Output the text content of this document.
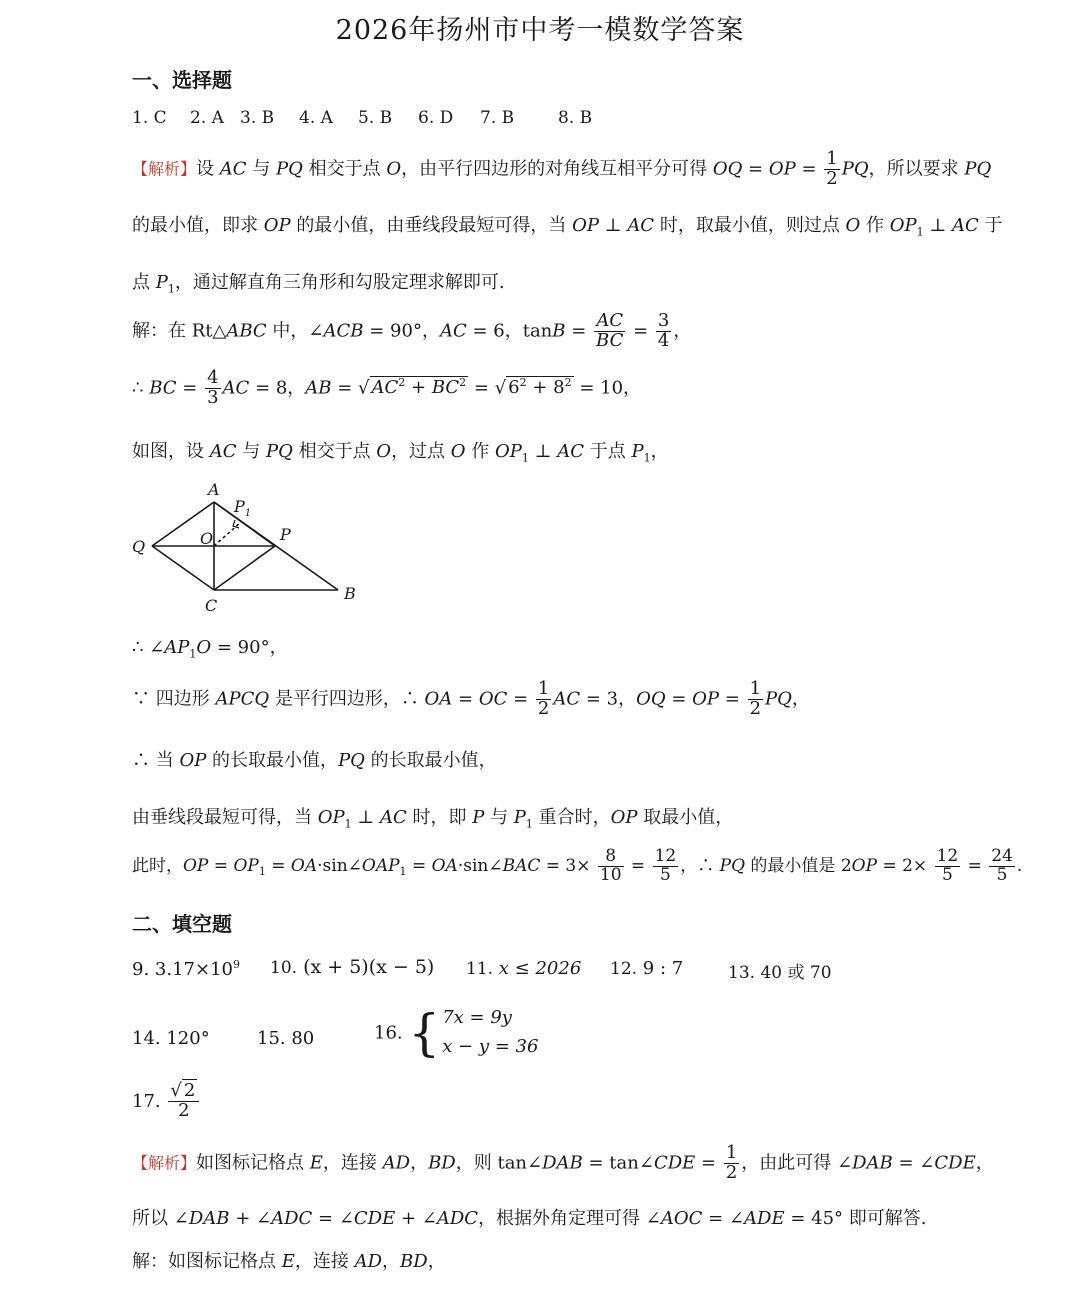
2026年扬州市中考一模数学答案
一、选择题
1. C 2. A 3. B 4. A 5. B 6. D 7. B	8. B
【解析】设 AC 与 PQ 相交于点 O，由平行四边形的对角线互相平分可得 OQ = OP = $\frac{1}{2}$ PQ，所以要求 PQ
的最小值，即求 OP 的最小值，由垂线段最短可得，当 OP ⊥ AC 时，取最小值，则过点 O 作 $OP_1$ ⊥ AC 于
点 $P_1$，通过解直角三角形和勾股定理求解即可.
解：在 Rt△ABC 中，∠ACB = 90°，AC = 6，$\tan B = \frac{AC}{BC} = \frac{3}{4}$ ，
∴ BC = $\frac{4}{3}$ AC = 8，AB = √ $AC^2 + BC^2$ = √ $6^2 + 8^2 = 10$，
如图，设 AC 与 PQ 相交于点 O，过点 O 作 $OP_1$ ⊥ AC 于点 $P_1$，
A
$P_1$
O	P
Q
C
B
∴ $\angle AP_1O = 90^\circ$，
∵ 四边形 APCQ 是平行四边形，∴ OA = OC = $\frac{1}{2}$ AC = 3，OQ = OP = $\frac{1}{2}$ PQ，
∴ 当 OP 的长取最小值，PQ 的长取最小值，
由垂线段最短可得，当 $OP_1$ ⊥ AC 时，即 P 与 $P_1$ 重合时，OP 取最小值，
此时，OP = $OP_1$ = $OA\cdot\sin\angle OAP_1$ = OA·sin∠BAC = $3\times \frac{8}{10} = \frac{12}{5}$ ，∴ PQ 的最小值是 $2OP = 2\times \frac{12}{5} = \frac{24}{5}$ .
二、填空题
9. $3.17\times 10^9$ 10. (x + 5)(x − 5) 11. x ≤ 2026 12. 9 : 7	13. 40 或 70
14. 120°	15. 80	16. { 7x = 9y
x − y = 36
17. $\frac{√ 2}{2}$
【解析】如图标记格点 E，连接 AD，BD，则 tan∠DAB = tan∠CDE = $\frac{1}{2}$ ，由此可得 ∠DAB = ∠CDE，
所以 ∠DAB + ∠ADC = ∠CDE + ∠ADC，根据外角定理可得 ∠AOC = ∠ADE = 45° 即可解答.
解：如图标记格点 E，连接 AD，BD，
